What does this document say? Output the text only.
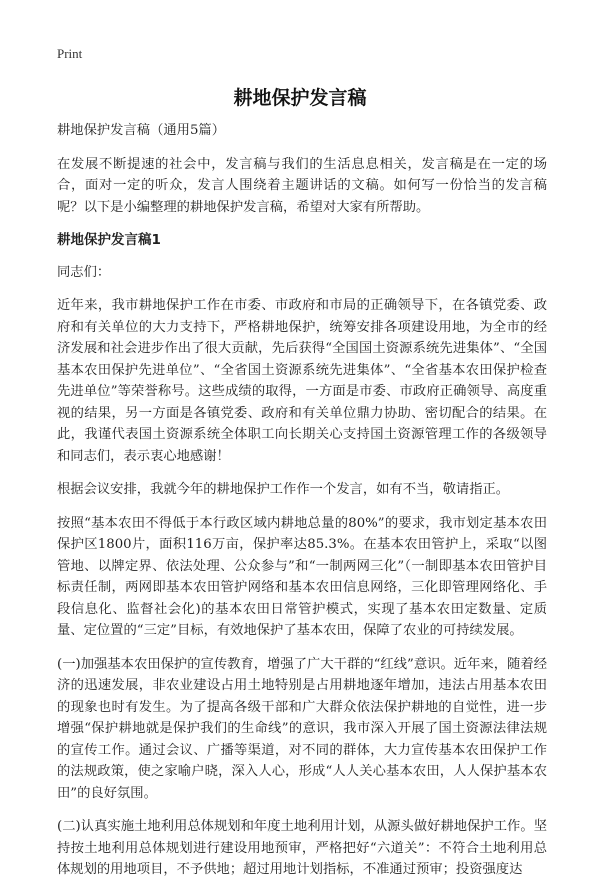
Print
耕地保护发言稿

耕地保护发言稿（通用5篇）

在发展不断提速的社会中，发言稿与我们的生活息息相关，发言稿是在一定的场合，面对一定的听众，发言人围绕着主题讲话的文稿。如何写一份恰当的发言稿呢？以下是小编整理的耕地保护发言稿，希望对大家有所帮助。

耕地保护发言稿1

同志们：

近年来，我市耕地保护工作在市委、市政府和市局的正确领导下，在各镇党委、政府和有关单位的大力支持下，严格耕地保护，统筹安排各项建设用地，为全市的经济发展和社会进步作出了很大贡献，先后获得“全国国土资源系统先进集体”、“全国基本农田保护先进单位”、“全省国土资源系统先进集体”、“全省基本农田保护检查先进单位”等荣誉称号。这些成绩的取得，一方面是市委、市政府正确领导、高度重视的结果，另一方面是各镇党委、政府和有关单位鼎力协助、密切配合的结果。在此，我谨代表国土资源系统全体职工向长期关心支持国土资源管理工作的各级领导和同志们，表示衷心地感谢！

根据会议安排，我就今年的耕地保护工作作一个发言，如有不当，敬请指正。

按照“基本农田不得低于本行政区域内耕地总量的80%”的要求，我市划定基本农田保护区1800片，面积116万亩，保护率达85.3%。在基本农田管护上，采取“以图管地、以牌定界、依法处理、公众参与”和“一制两网三化”（一制即基本农田管护目标责任制，两网即基本农田管护网络和基本农田信息网络，三化即管理网络化、手段信息化、监督社会化)的基本农田日常管护模式，实现了基本农田定数量、定质量、定位置的“三定”目标，有效地保护了基本农田，保障了农业的可持续发展。

(一)加强基本农田保护的宣传教育，增强了广大干群的“红线”意识。近年来，随着经济的迅速发展，非农业建设占用土地特别是占用耕地逐年增加，违法占用基本农田的现象也时有发生。为了提高各级干部和广大群众依法保护耕地的自觉性，进一步增强“保护耕地就是保护我们的生命线”的意识，我市深入开展了国土资源法律法规的宣传工作。通过会议、广播等渠道，对不同的群体，大力宣传基本农田保护工作的法规政策，使之家喻户晓，深入人心，形成“人人关心基本农田，人人保护基本农田”的良好氛围。

(二)认真实施土地利用总体规划和年度土地利用计划，从源头做好耕地保护工作。坚持按土地利用总体规划进行建设用地预审，严格把好“六道关”：不符合土地利用总体规划的用地项目，不予供地；超过用地计划指标，不准通过预审；投资强度达
